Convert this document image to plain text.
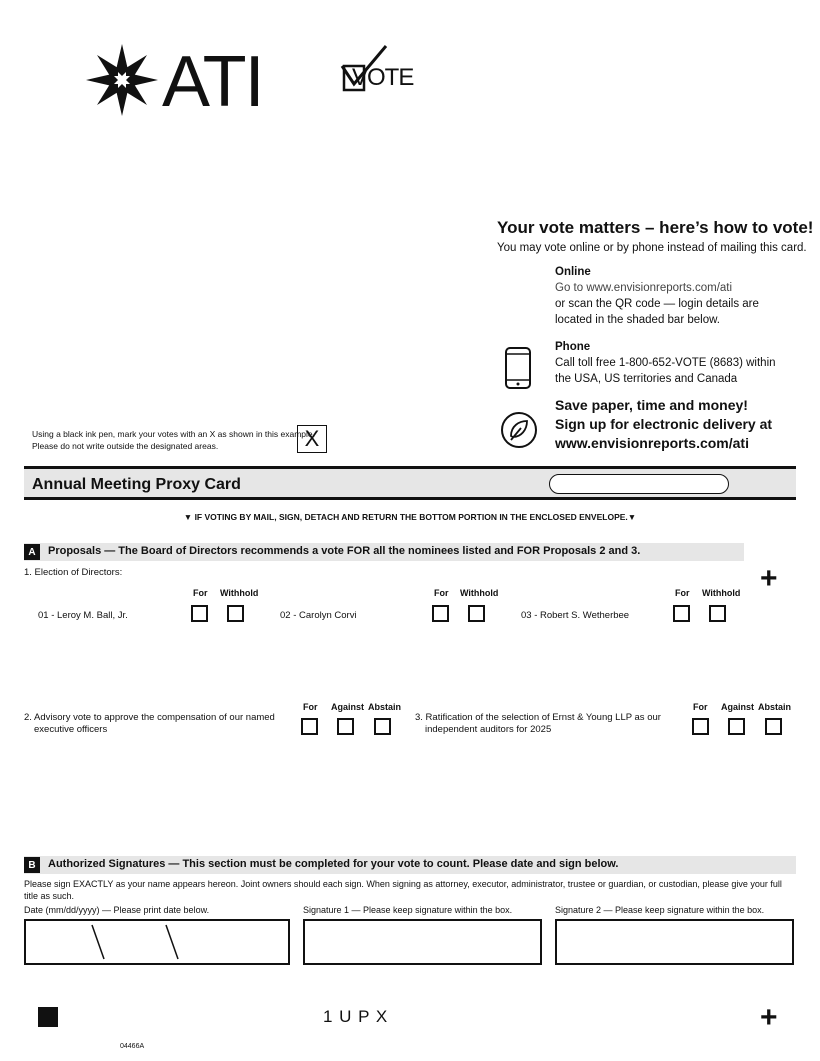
ATI	VOTE
Your vote matters – here’s how to vote!
You may vote online or by phone instead of mailing this card.
Online
Go to www.envisionreports.com/ati
or scan the QR code — login details are
located in the shaded bar below.
Phone
Call toll free 1-800-652-VOTE (8683) within
the USA, US territories and Canada
Save paper, time and money!
Sign up for electronic delivery at
www.envisionreports.com/ati
Using a black ink pen, mark your votes with an X as shown in this example.
Please do not write outside the designated areas.	X
Annual Meeting Proxy Card
▼ IF VOTING BY MAIL, SIGN, DETACH AND RETURN THE BOTTOM PORTION IN THE ENCLOSED ENVELOPE.▼
A	Proposals — The Board of Directors recommends a vote FOR all the nominees listed and FOR Proposals 2 and 3.
+
1. Election of Directors:
For Withhold
01 - Leroy M. Ball, Jr.
For Withhold
02 - Carolyn Corvi
For Withhold
03 - Robert S. Wetherbee
2. Advisory vote to approve the compensation of our named
executive officers
For Against Abstain
3. Ratification of the selection of Ernst & Young LLP as our
independent auditors for 2025
For Against Abstain
B	Authorized Signatures — This section must be completed for your vote to count. Please date and sign below.
Please sign EXACTLY as your name appears hereon. Joint owners should each sign. When signing as attorney, executor, administrator, trustee or guardian, or custodian, please give your full title as such.
Date (mm/dd/yyyy) — Please print date below.	Signature 1 — Please keep signature within the box.	Signature 2 — Please keep signature within the box.
1 U P X	+
04466A
